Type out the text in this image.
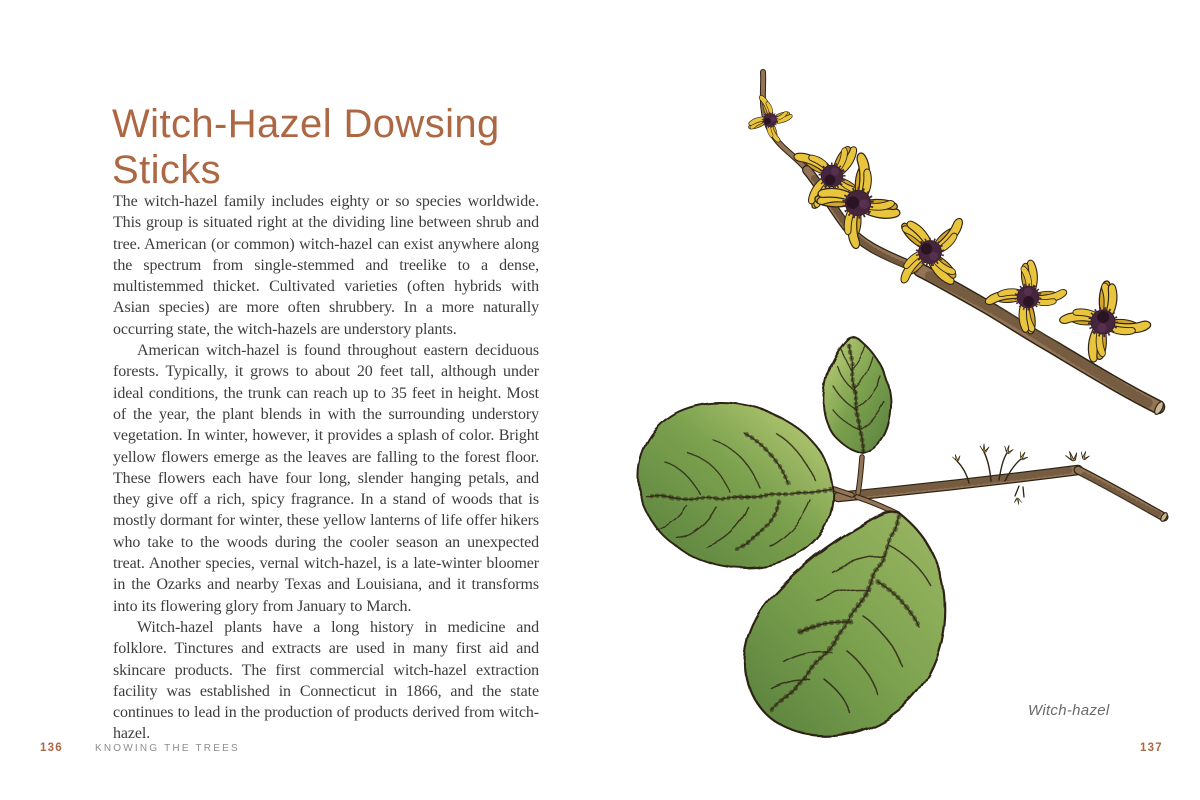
Witch-Hazel Dowsing Sticks

The witch-hazel family includes eighty or so species worldwide. This group is situated right at the dividing line between shrub and tree. American (or common) witch-hazel can exist anywhere along the spectrum from single-stemmed and treelike to a dense, multistemmed thicket. Cultivated varieties (often hybrids with Asian species) are more often shrubbery. In a more naturally occurring state, the witch-hazels are understory plants.

American witch-hazel is found throughout eastern deciduous forests. Typically, it grows to about 20 feet tall, although under ideal conditions, the trunk can reach up to 35 feet in height. Most of the year, the plant blends in with the surrounding understory vegetation. In winter, however, it provides a splash of color. Bright yellow flowers emerge as the leaves are falling to the forest floor. These flowers each have four long, slender hanging petals, and they give off a rich, spicy fragrance. In a stand of woods that is mostly dormant for winter, these yellow lanterns of life offer hikers who take to the woods during the cooler season an unexpected treat. Another species, vernal witch-hazel, is a late-winter bloomer in the Ozarks and nearby Texas and Louisiana, and it transforms into its flowering glory from January to March.

Witch-hazel plants have a long history in medicine and folklore. Tinctures and extracts are used in many first aid and skincare products. The first commercial witch-hazel extraction facility was established in Connecticut in 1866, and the state continues to lead in the production of products derived from witch-hazel.

136	KNOWING THE TREES
Witch-hazel
137
